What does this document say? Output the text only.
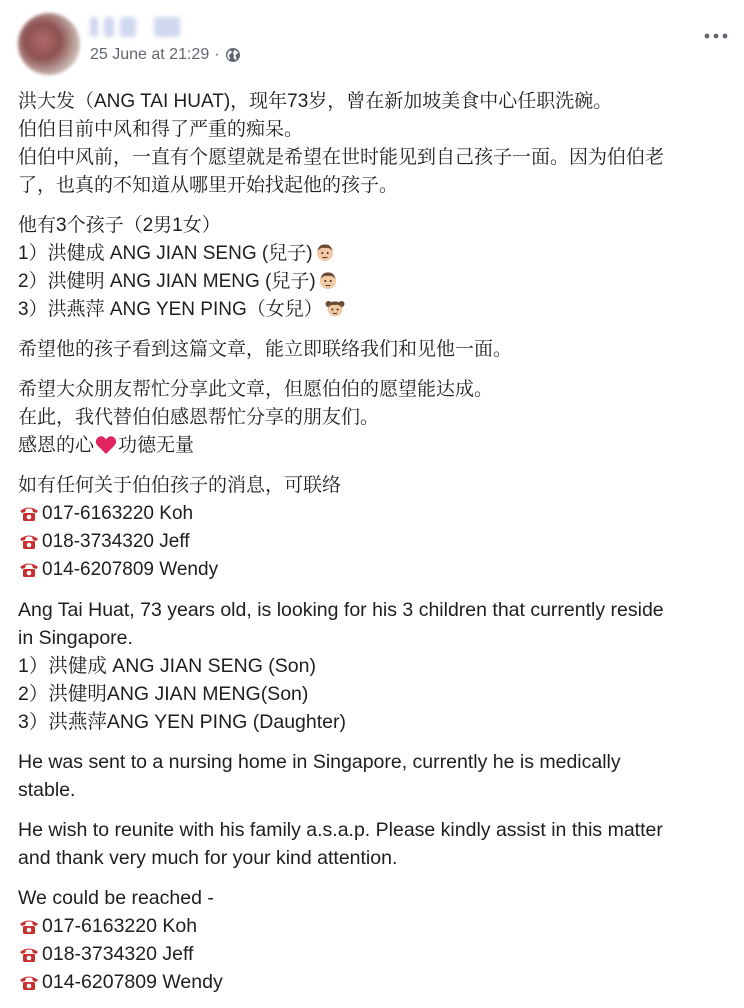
25 June at 21:29 ·
洪大发（ANG TAI HUAT)，现年73岁，曾在新加坡美食中心任职洗碗。
伯伯目前中风和得了严重的痴呆。
伯伯中风前，一直有个愿望就是希望在世时能见到自己孩子一面。因为伯伯老
了，也真的不知道从哪里开始找起他的孩子。
他有3个孩子（2男1女）
1）洪健成 ANG JIAN SENG (兒子)
2）洪健明 ANG JIAN MENG (兒子)
3）洪燕萍 ANG YEN PING（女兒）
希望他的孩子看到这篇文章，能立即联络我们和见他一面。
希望大众朋友帮忙分享此文章，但愿伯伯的愿望能达成。
在此，我代替伯伯感恩帮忙分享的朋友们。
感恩的心 功德无量
如有任何关于伯伯孩子的消息，可联络
017-6163220 Koh
018-3734320 Jeff
014-6207809 Wendy
Ang Tai Huat, 73 years old, is looking for his 3 children that currently reside
in Singapore.
1）洪健成 ANG JIAN SENG (Son)
2）洪健明ANG JIAN MENG(Son)
3）洪燕萍ANG YEN PING (Daughter)
He was sent to a nursing home in Singapore, currently he is medically
stable.
He wish to reunite with his family a.s.a.p. Please kindly assist in this matter
and thank very much for your kind attention.
We could be reached -
017-6163220 Koh
018-3734320 Jeff
014-6207809 Wendy
